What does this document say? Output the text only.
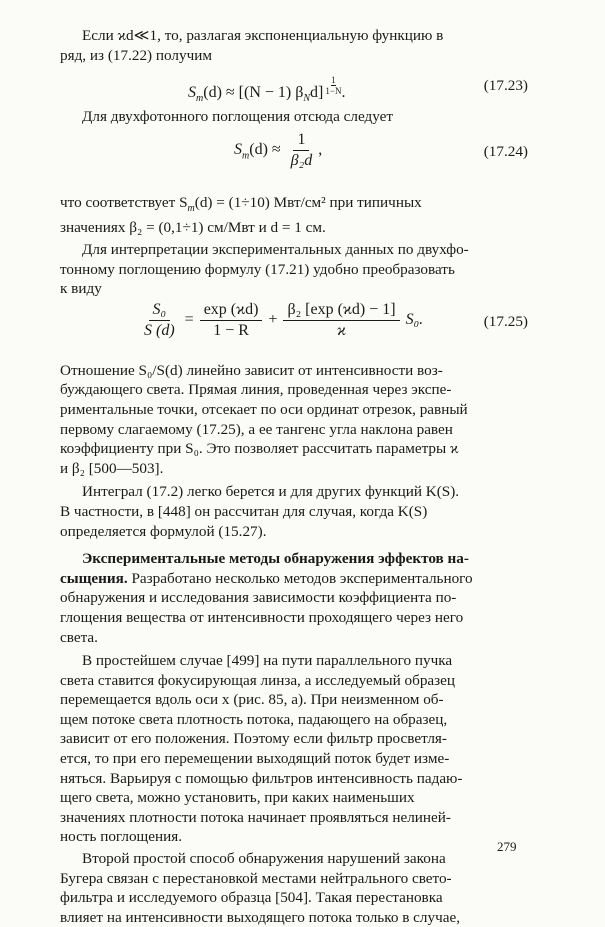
Если ϰd≪1, то, разлагая экспоненциальную функцию в

ряд, из (17.22) получим

$S_m(d) \approx [(N - 1)$ $\beta_Nd] \frac{1}{1-N}$ .	(17.23)

Для двухфотонного поглощения отсюда следует

$S_m(d) \approx \frac{1}{\text{β₂d}}$ ,	(17.24)

что соответствует $S_m(d) = (1\div 10)$ Мвт/см² при типичных

значениях β₂ = (0,1÷1) см/Мвт и d = 1 см.

Для интерпретации экспериментальных данных по двухфо-

тонному поглощению формулу (17.21) удобно преобразовать

к виду

$\frac{\text{S₀}}{S (d)} = \frac{\exp (ϰd)}{1 - R} + \frac{\text{β₂ [exp (ϰd) − 1]}}{ϰ} S_0$.	(17.25)

Отношение S₀/S(d) линейно зависит от интенсивности воз-

буждающего света. Прямая линия, проведенная через экспе-

риментальные точки, отсекает по оси ординат отрезок, равный

первому слагаемому (17.25), а ее тангенс угла наклона равен

коэффициенту при S₀. Это позволяет рассчитать параметры ϰ

и β₂ [500—503].

Интеграл (17.2) легко берется и для других функций K(S).

В частности, в [448] он рассчитан для случая, когда K(S)

определяется формулой (15.27).

Экспериментальные методы обнаружения эффектов на-

сыщения. Разработано несколько методов экспериментального

обнаружения и исследования зависимости коэффициента по-

глощения вещества от интенсивности проходящего через него

света.

В простейшем случае [499] на пути параллельного пучка

света ставится фокусирующая линза, а исследуемый образец

перемещается вдоль оси x (рис. 85, a). При неизменном об-

щем потоке света плотность потока, падающего на образец,

зависит от его положения. Поэтому если фильтр просветля-

ется, то при его перемещении выходящий поток будет изме-

няться. Варьируя с помощью фильтров интенсивность падаю-

щего света, можно установить, при каких наименьших

значениях плотности потока начинает проявляться нелиней-

ность поглощения.

Второй простой способ обнаружения нарушений закона

Бугера связан с перестановкой местами нейтрального свето-

фильтра и исследуемого образца [504]. Такая перестановка

влияет на интенсивности выходящего потока только в случае,

279
